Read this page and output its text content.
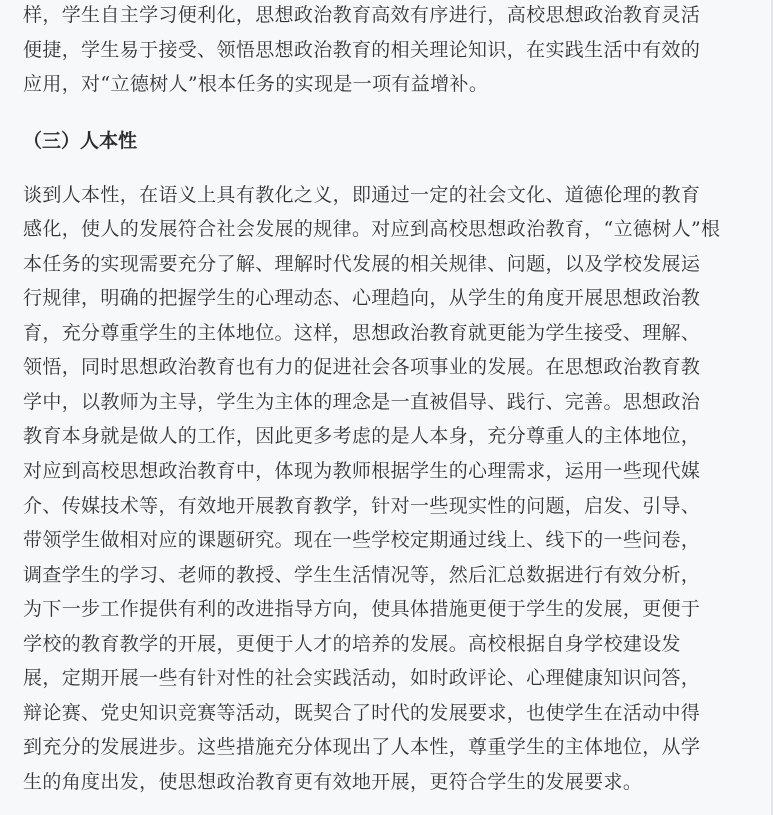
样，学生自主学习便利化，思想政治教育高效有序进行，高校思想政治教育灵活
便捷，学生易于接受、领悟思想政治教育的相关理论知识，在实践生活中有效的
应用，对“立德树人”根本任务的实现是一项有益增补。
（三）人本性
谈到人本性，在语义上具有教化之义，即通过一定的社会文化、道德伦理的教育
感化，使人的发展符合社会发展的规律。对应到高校思想政治教育，“立德树人”根
本任务的实现需要充分了解、理解时代发展的相关规律、问题，以及学校发展运
行规律，明确的把握学生的心理动态、心理趋向，从学生的角度开展思想政治教
育，充分尊重学生的主体地位。这样，思想政治教育就更能为学生接受、理解、
领悟，同时思想政治教育也有力的促进社会各项事业的发展。在思想政治教育教
学中，以教师为主导，学生为主体的理念是一直被倡导、践行、完善。思想政治
教育本身就是做人的工作，因此更多考虑的是人本身，充分尊重人的主体地位，
对应到高校思想政治教育中，体现为教师根据学生的心理需求，运用一些现代媒
介、传媒技术等，有效地开展教育教学，针对一些现实性的问题，启发、引导、
带领学生做相对应的课题研究。现在一些学校定期通过线上、线下的一些问卷，
调查学生的学习、老师的教授、学生生活情况等，然后汇总数据进行有效分析，
为下一步工作提供有利的改进指导方向，使具体措施更便于学生的发展，更便于
学校的教育教学的开展，更便于人才的培养的发展。高校根据自身学校建设发
展，定期开展一些有针对性的社会实践活动，如时政评论、心理健康知识问答，
辩论赛、党史知识竞赛等活动，既契合了时代的发展要求，也使学生在活动中得
到充分的发展进步。这些措施充分体现出了人本性，尊重学生的主体地位，从学
生的角度出发，使思想政治教育更有效地开展，更符合学生的发展要求。
